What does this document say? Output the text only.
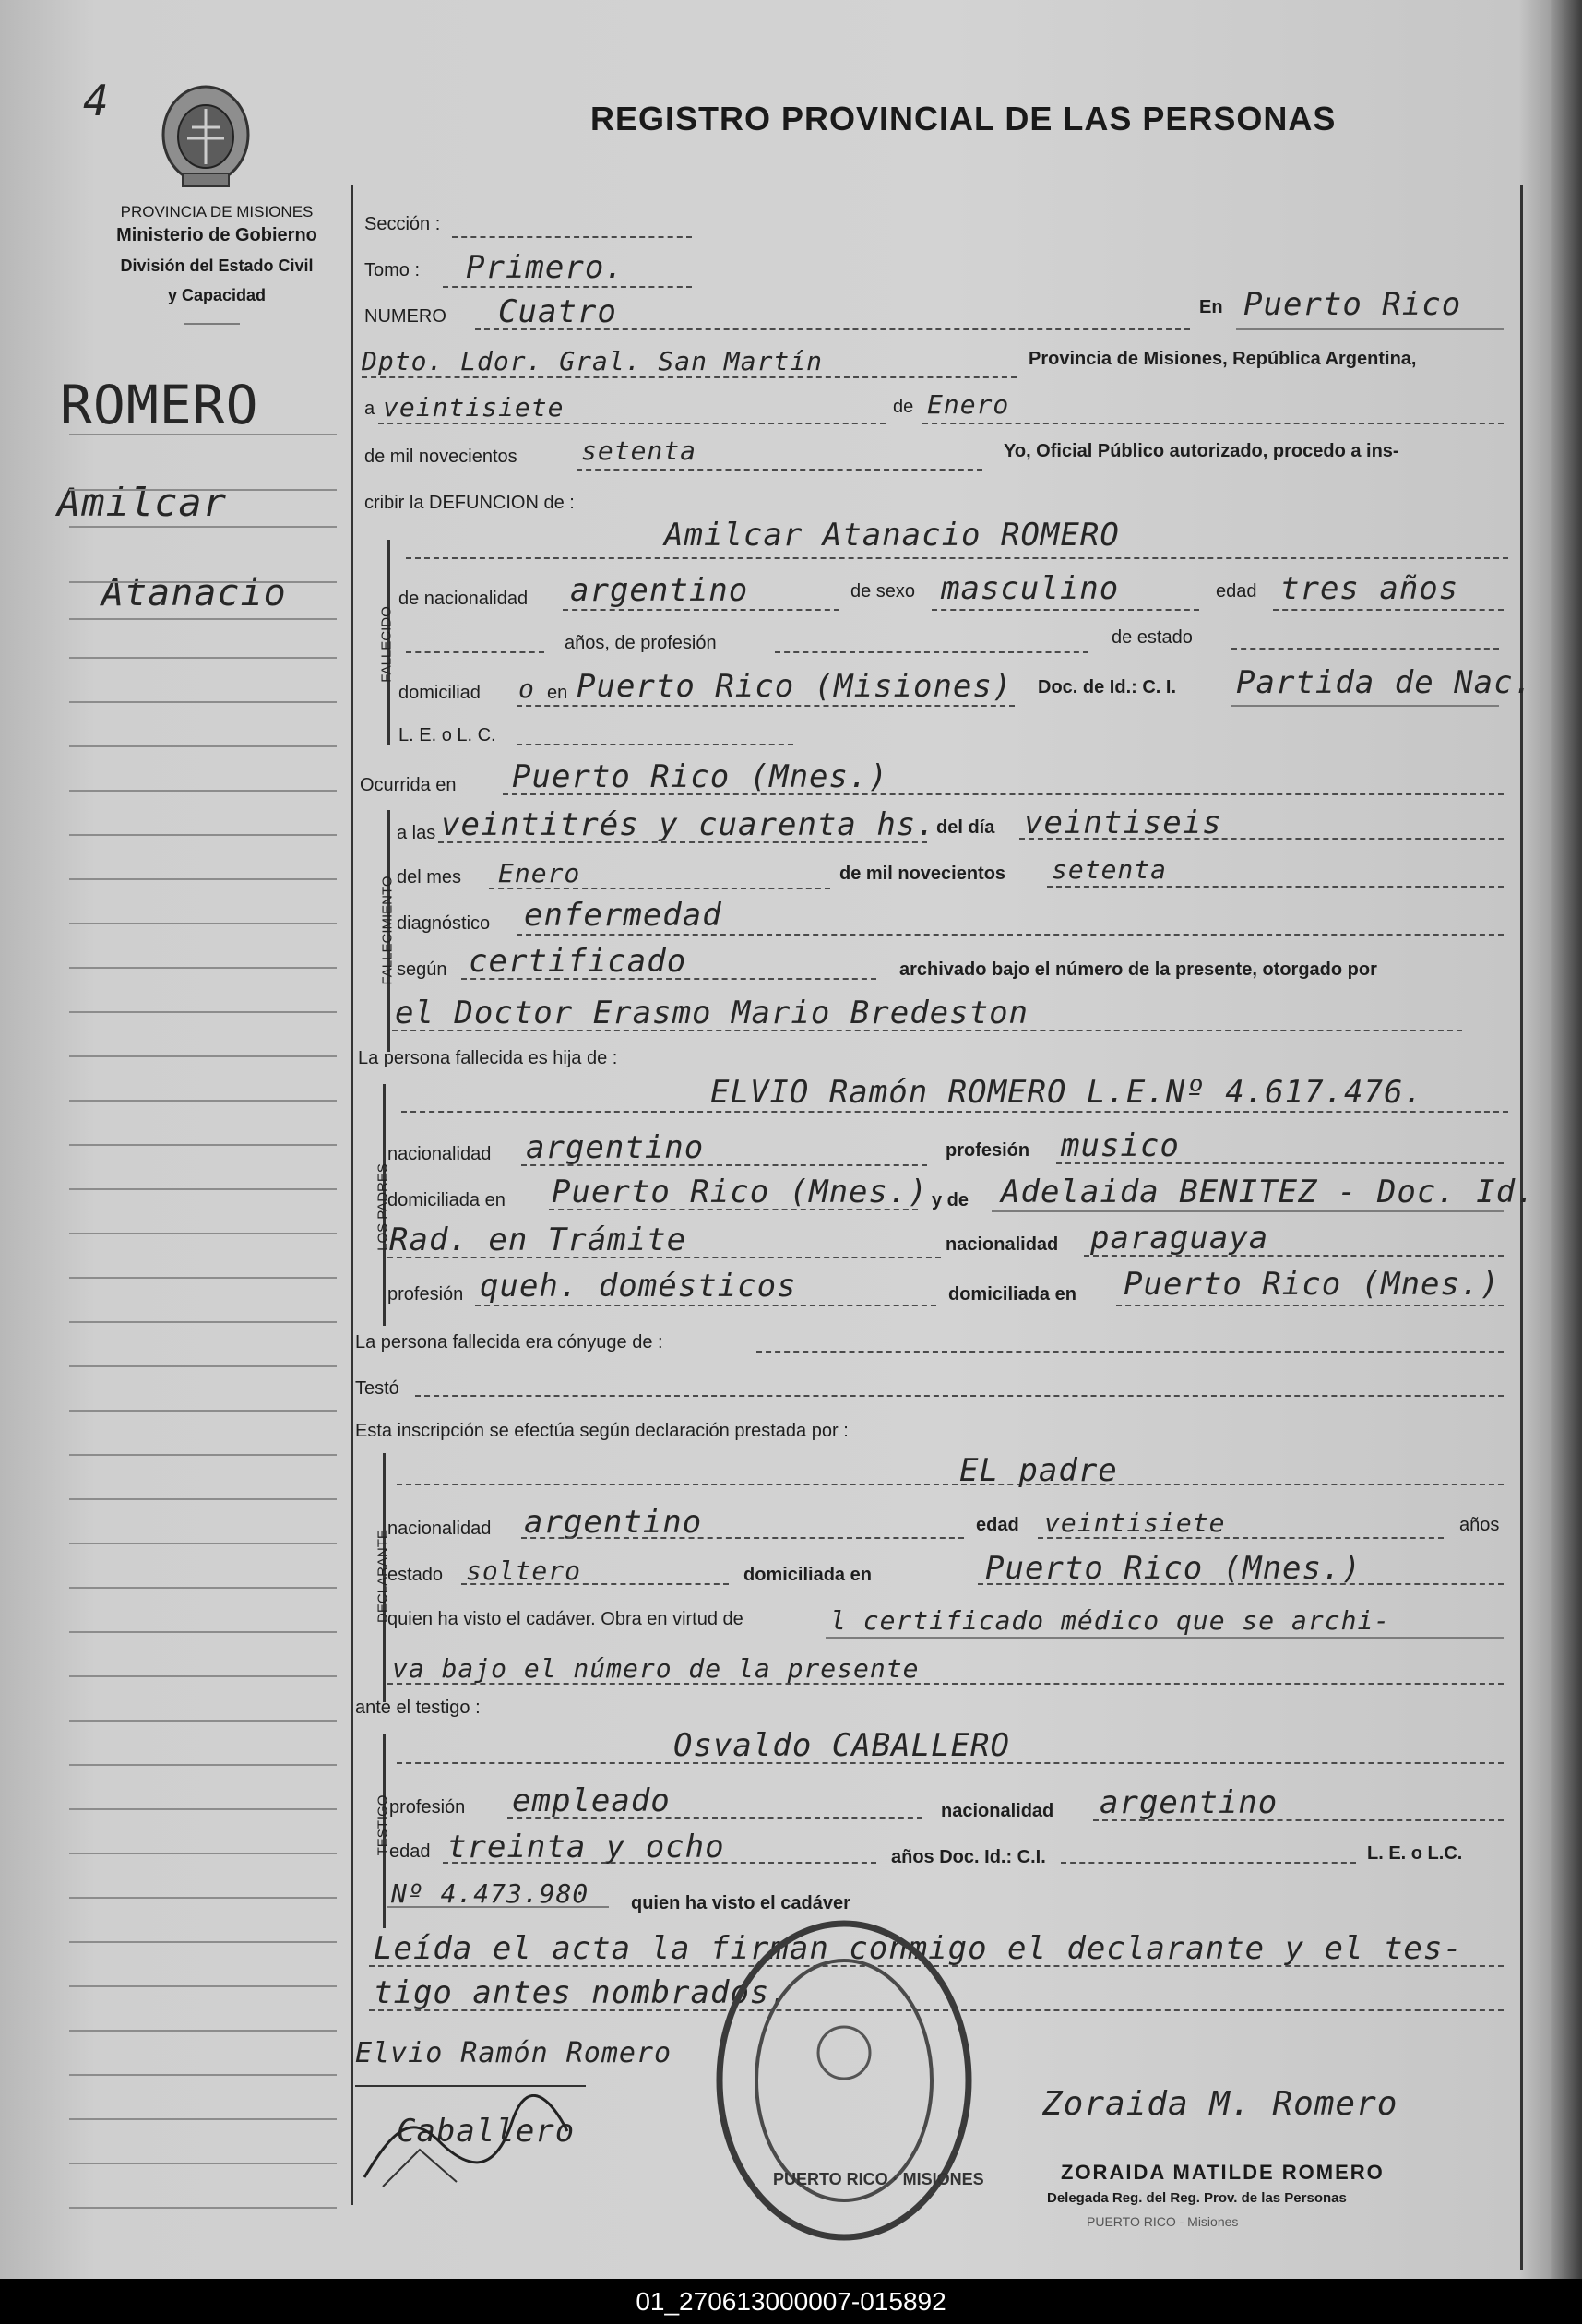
4
PROVINCIA DE MISIONES
Ministerio de Gobierno
División del Estado Civil
y Capacidad
REGISTRO PROVINCIAL DE LAS PERSONAS
ROMERO
Amilcar
Atanacio
Sección :
Tomo : Primero.
NUMERO Cuatro	En Puerto Rico
Dpto. Ldor. Gral. San Martín	Provincia de Misiones, República Argentina,
a veintisiete	de Enero
de mil novecientos setenta	Yo, Oficial Público autorizado, procedo a ins-
cribir la DEFUNCION de :
FALLECIDO
Amilcar Atanacio ROMERO
de nacionalidad argentino	de sexo masculino	edad tres años
años, de profesión	de estado
domiciliad o en Puerto Rico (Misiones) Doc. de Id.: C. I. Partida de Nac.
L. E. o L. C.
Ocurrida en Puerto Rico (Mnes.)
FALLECIMIENTO
a las veintitrés y cuarenta hs. del día veintiseis
del mes Enero	de mil novecientos setenta
diagnóstico enfermedad
según certificado	archivado bajo el número de la presente, otorgado por
el Doctor Erasmo Mario Bredeston
La persona fallecida es hija de :
LOS PADRES
ELVIO Ramón ROMERO L.E.Nº 4.617.476.
nacionalidad argentino	profesión musico
domiciliada en Puerto Rico (Mnes.) y de Adelaida BENITEZ - Doc. Id.
Rad. en Trámite	nacionalidad paraguaya
profesión queh. domésticos	domiciliada en Puerto Rico (Mnes.)
La persona fallecida era cónyuge de :
Testó
Esta inscripción se efectúa según declaración prestada por :
DECLARANTE
EL padre
nacionalidad argentino	edad veintisiete	años
estado soltero	domiciliada en	Puerto Rico (Mnes.)
quien ha visto el cadáver. Obra en virtud de	l certificado médico que se archi-
va bajo el número de la presente
ante el testigo :
TESTIGO
Osvaldo CABALLERO
profesión empleado	nacionalidad argentino
edad treinta y ocho	años Doc. Id.: C.I.	L. E. o L.C.
Nº 4.473.980 quien ha visto el cadáver
Leída el acta la firman conmigo el declarante y el tes-
tigo antes nombrados.
PUERTO RICO · MISIONES
Elvio Ramón Romero
Caballero
Zoraida M. Romero
ZORAIDA MATILDE ROMERO
Delegada Reg. del Reg. Prov. de las Personas
PUERTO RICO - Misiones
01_270613000007-015892
